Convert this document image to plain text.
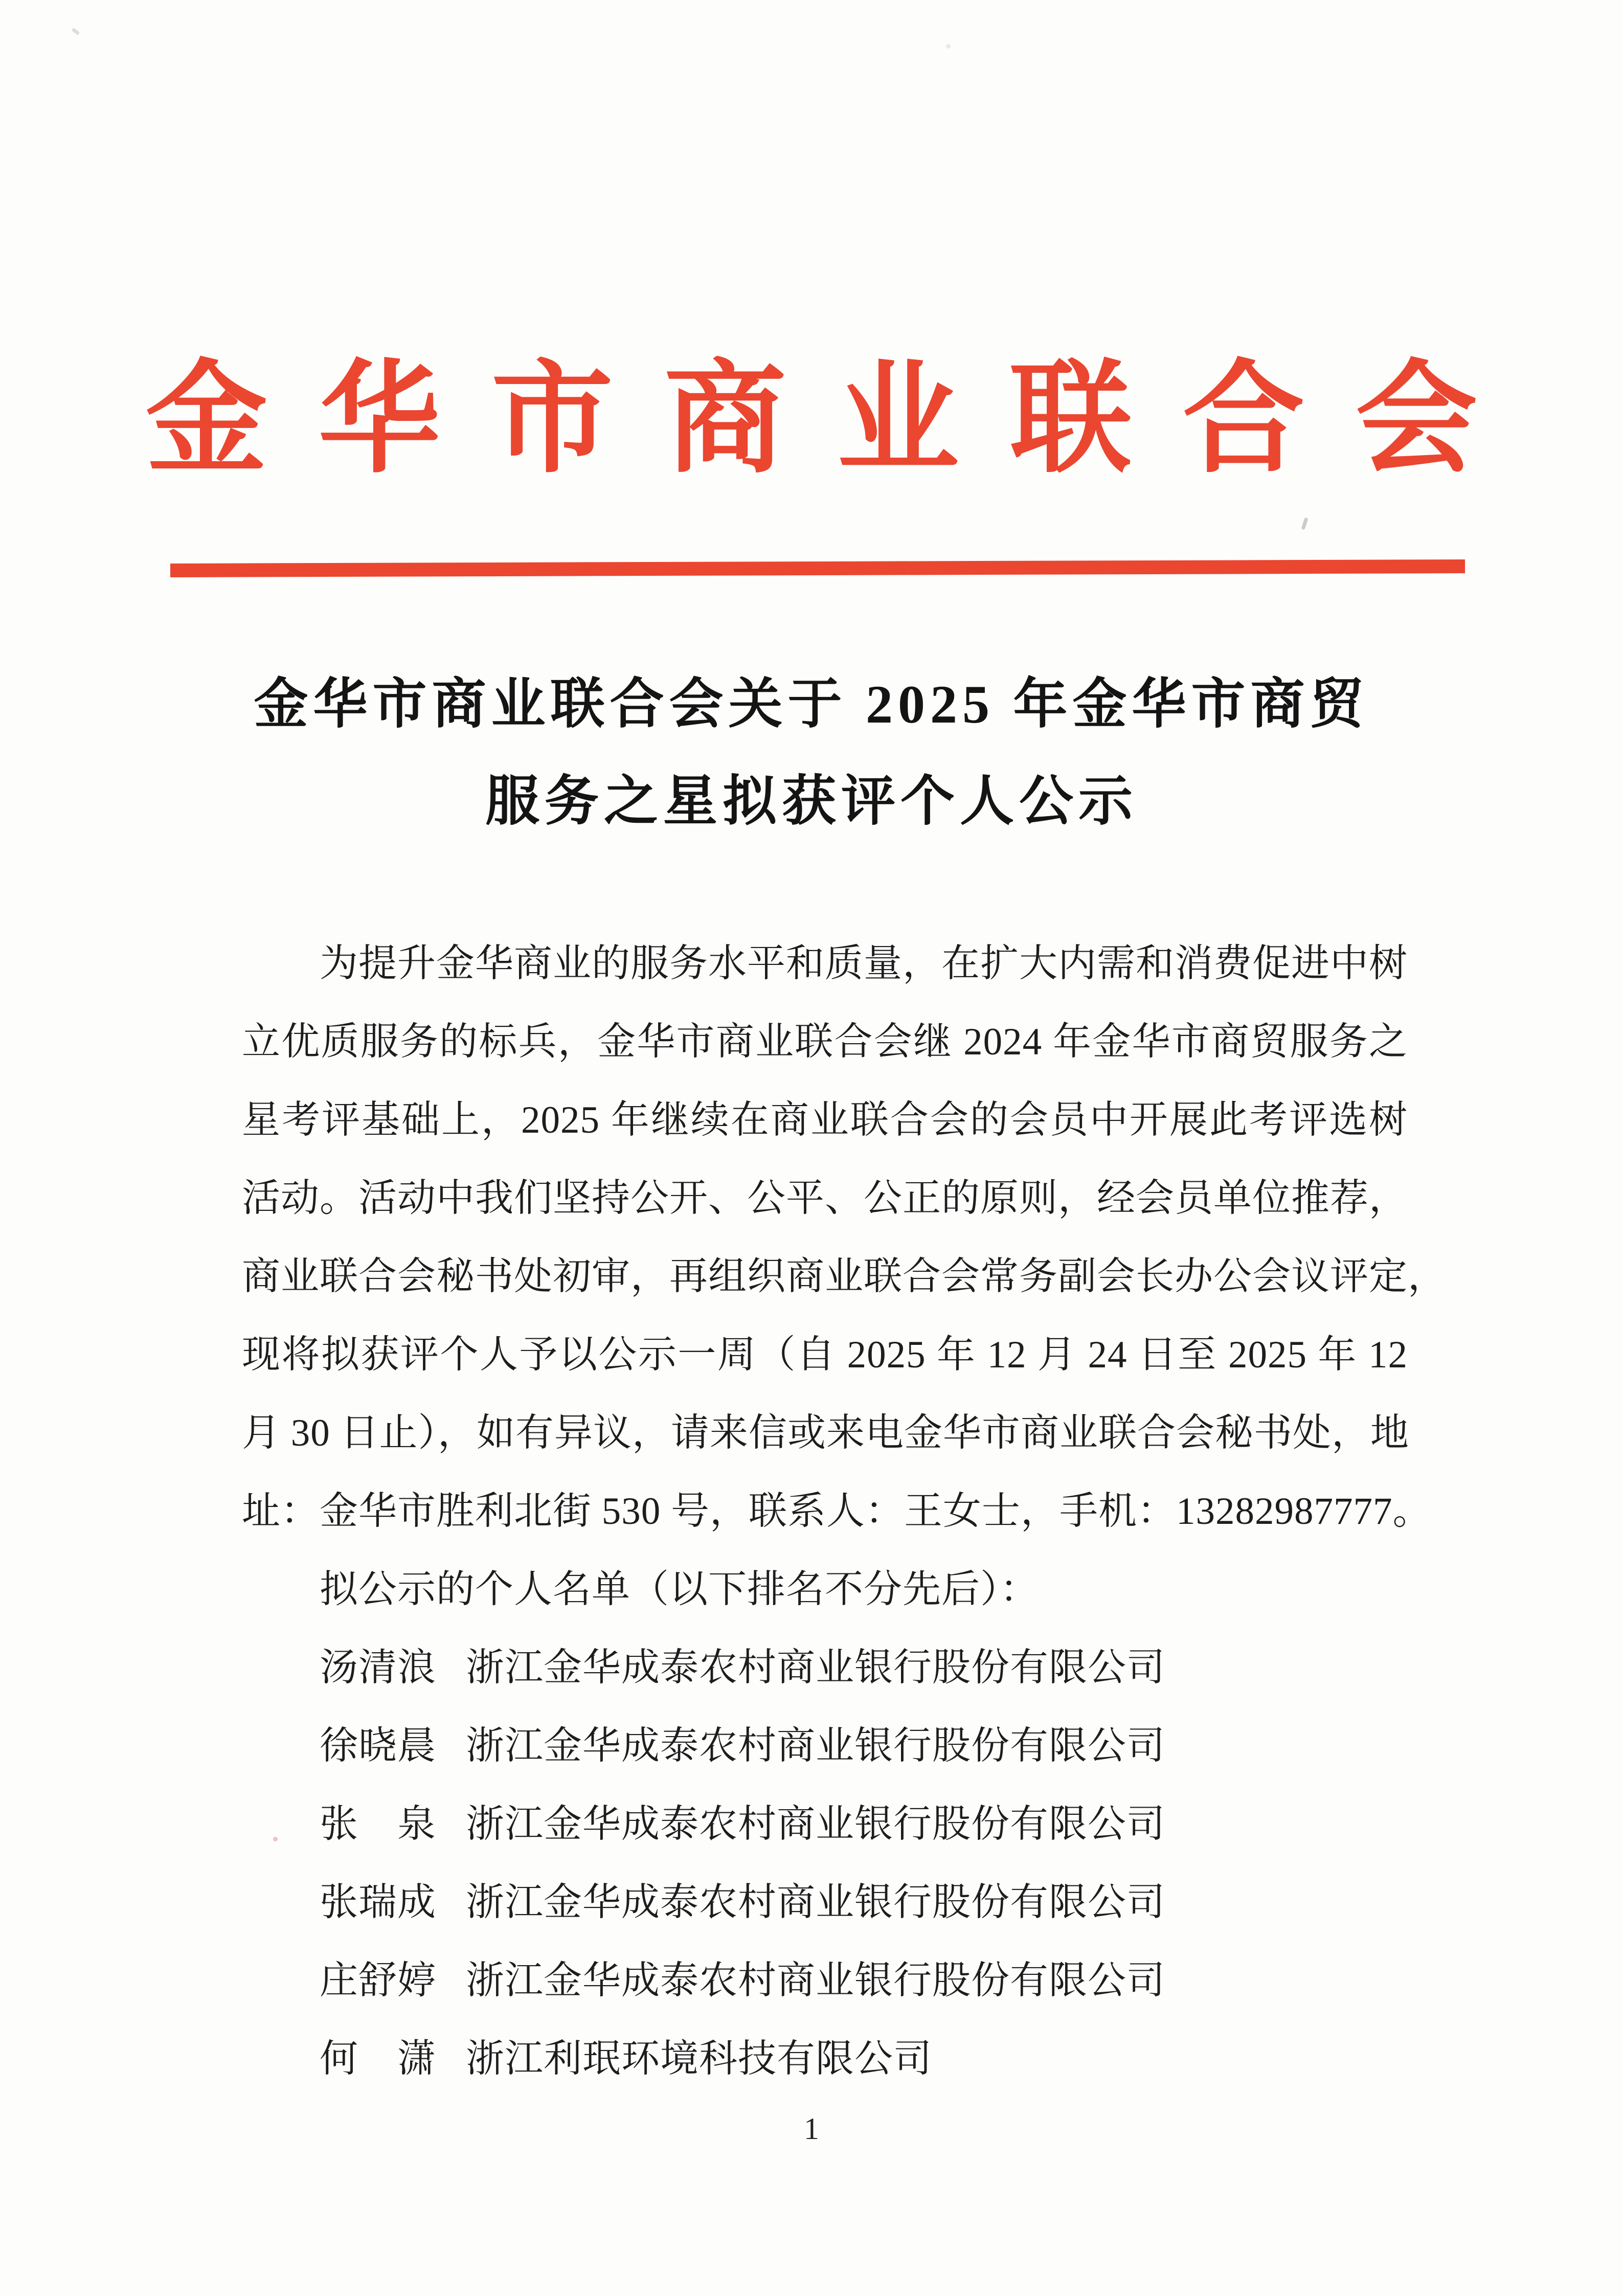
金华市商业联合会
金华市商业联合会关于 2025 年金华市商贸
服务之星拟获评个人公示
为提升金华商业的服务水平和质量，在扩大内需和消费促进中树
立优质服务的标兵，金华市商业联合会继 2024 年金华市商贸服务之
星考评基础上，2025 年继续在商业联合会的会员中开展此考评选树
活动。活动中我们坚持公开、公平、公正的原则，经会员单位推荐，
商业联合会秘书处初审，再组织商业联合会常务副会长办公会议评定，
现将拟获评个人予以公示一周（自 2025 年 12 月 24 日至 2025 年 12
月 30 日止），如有异议，请来信或来电金华市商业联合会秘书处，地
址：金华市胜利北街 530 号，联系人：王女士，手机：13282987777。
拟公示的个人名单（以下排名不分先后）：
汤清浪 浙江金华成泰农村商业银行股份有限公司
徐晓晨 浙江金华成泰农村商业银行股份有限公司
张　泉 浙江金华成泰农村商业银行股份有限公司
张瑞成 浙江金华成泰农村商业银行股份有限公司
庄舒婷 浙江金华成泰农村商业银行股份有限公司
何　潇 浙江利珉环境科技有限公司
1
